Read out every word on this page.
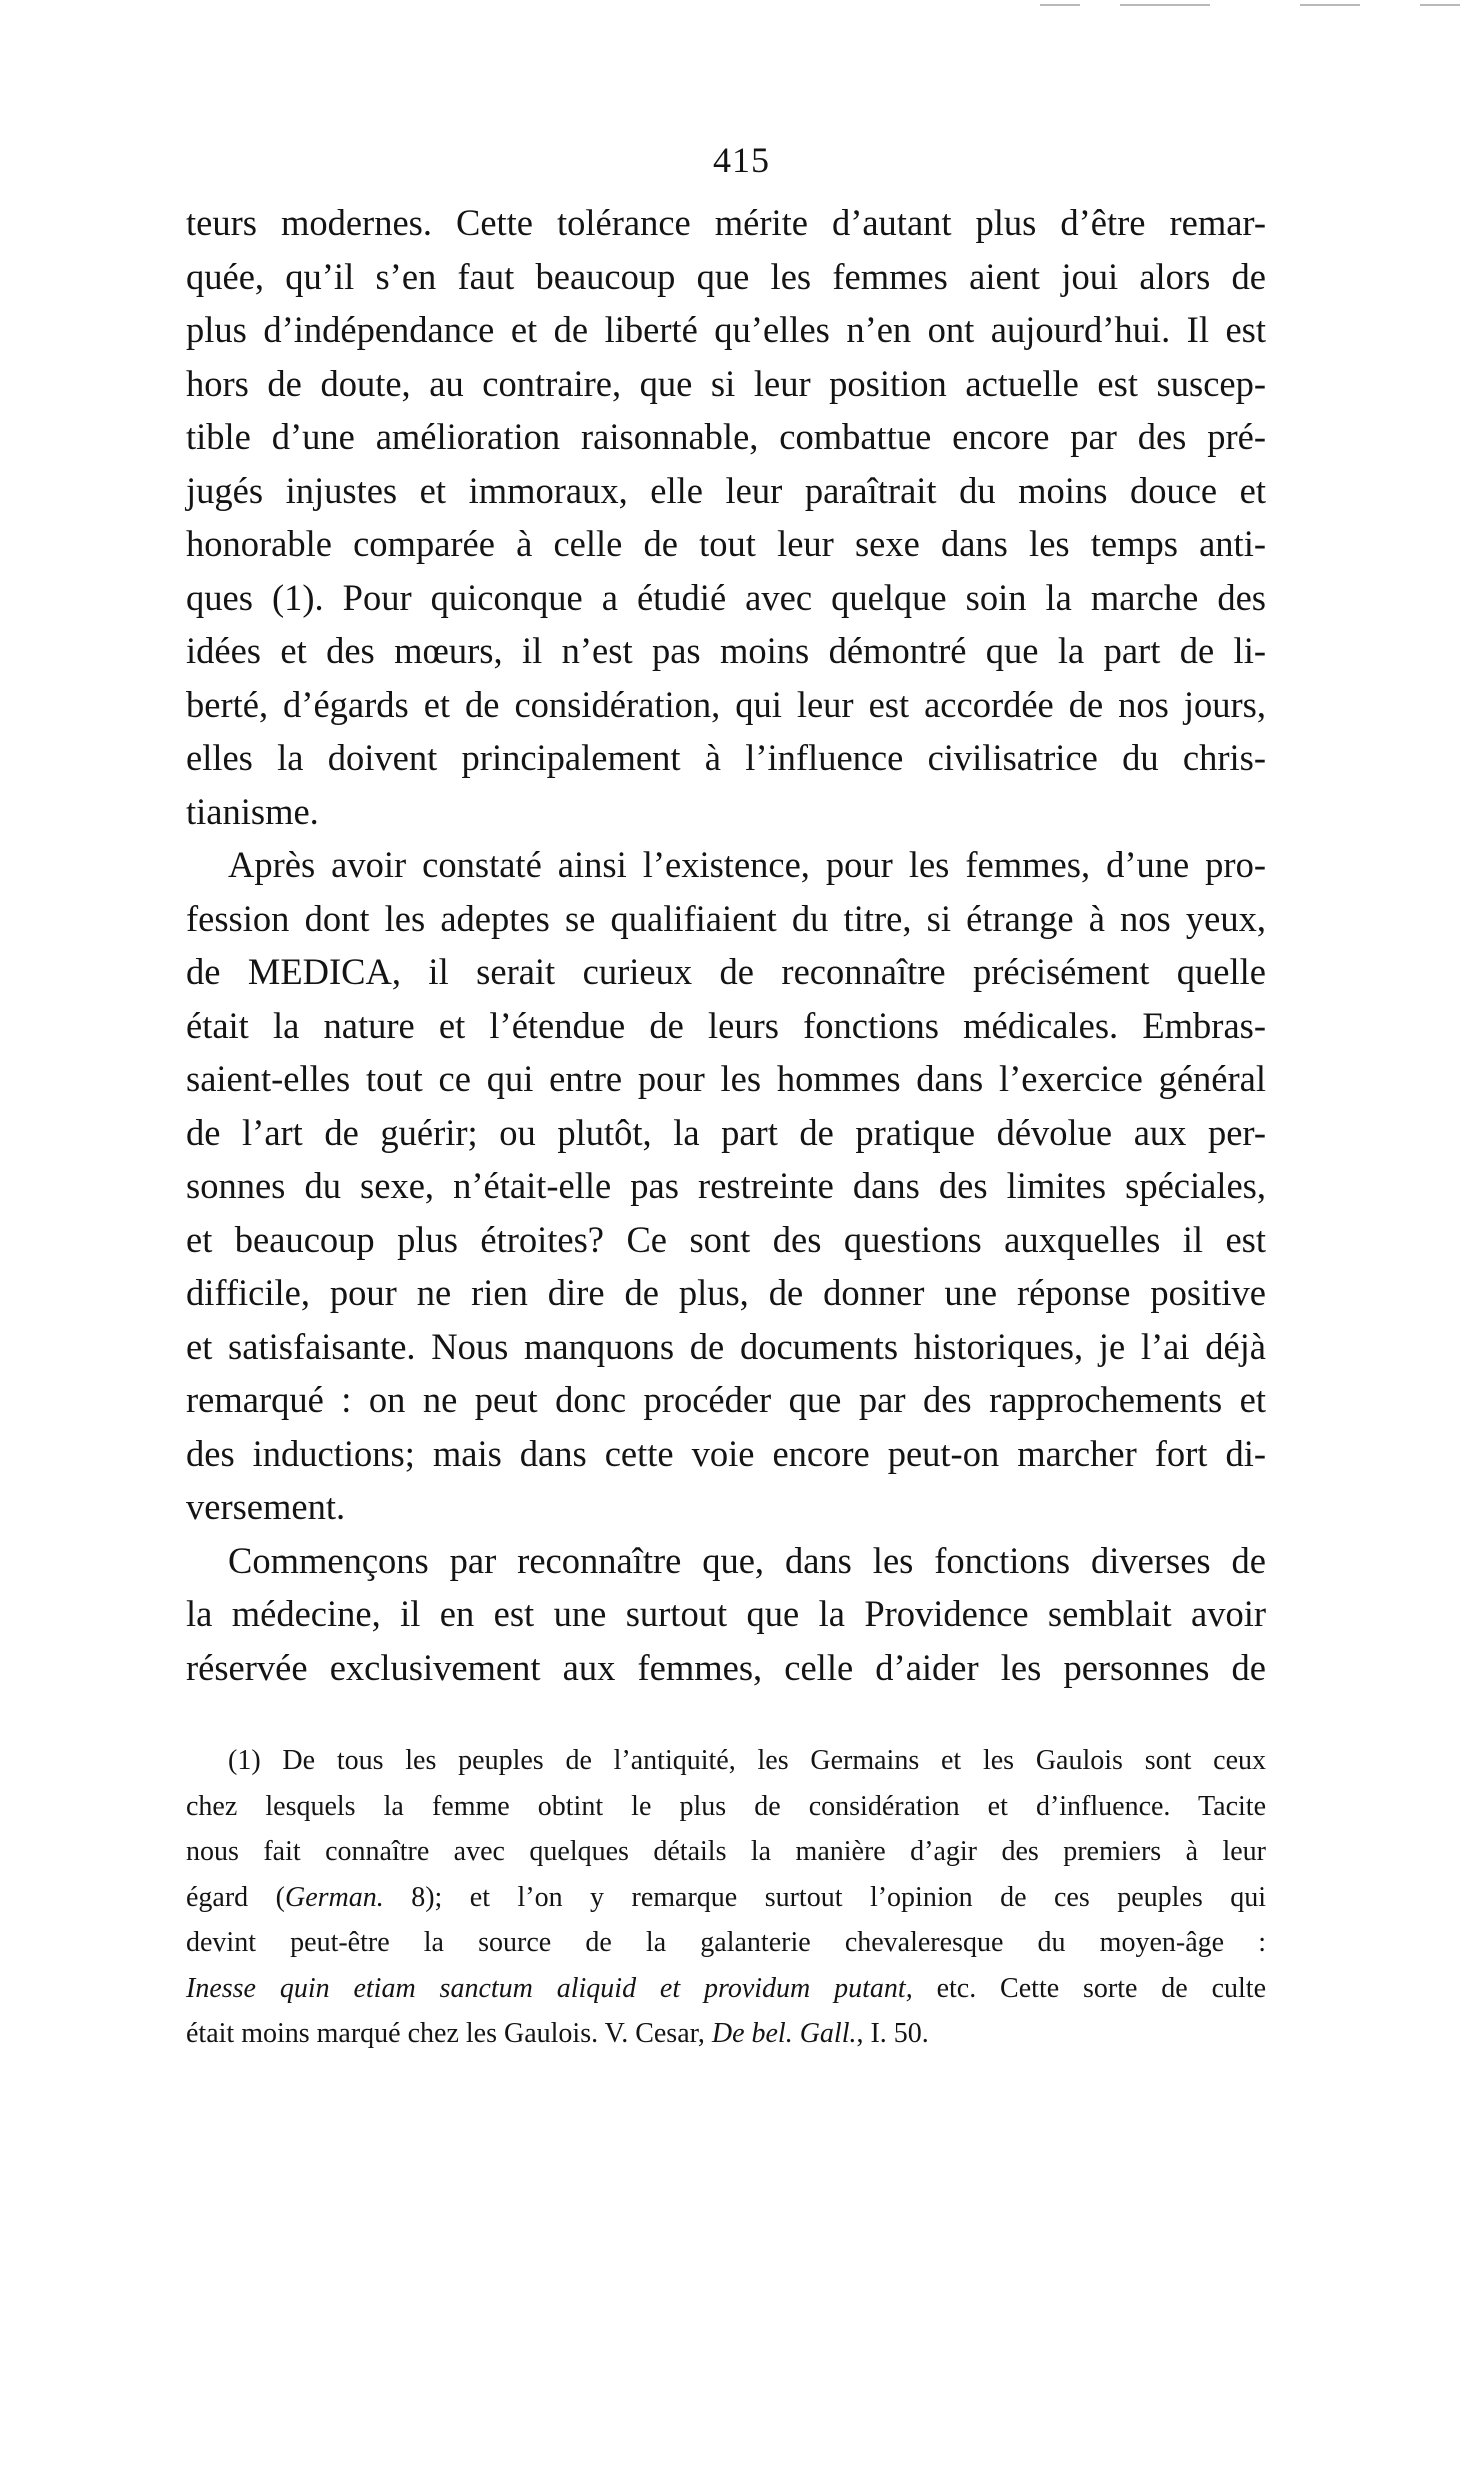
415

teurs modernes. Cette tolérance mérite d’autant plus d’être remar-
quée, qu’il s’en faut beaucoup que les femmes aient joui alors de
plus d’indépendance et de liberté qu’elles n’en ont aujourd’hui. Il est
hors de doute, au contraire, que si leur position actuelle est suscep-
tible d’une amélioration raisonnable, combattue encore par des pré-
jugés injustes et immoraux, elle leur paraîtrait du moins douce et
honorable comparée à celle de tout leur sexe dans les temps anti-
ques (1). Pour quiconque a étudié avec quelque soin la marche des
idées et des mœurs, il n’est pas moins démontré que la part de li-
berté, d’égards et de considération, qui leur est accordée de nos jours,
elles la doivent principalement à l’influence civilisatrice du chris-
tianisme.

Après avoir constaté ainsi l’existence, pour les femmes, d’une pro-
fession dont les adeptes se qualifiaient du titre, si étrange à nos yeux,
de MEDICA, il serait curieux de reconnaître précisément quelle
était la nature et l’étendue de leurs fonctions médicales. Embras-
saient-elles tout ce qui entre pour les hommes dans l’exercice général
de l’art de guérir; ou plutôt, la part de pratique dévolue aux per-
sonnes du sexe, n’était-elle pas restreinte dans des limites spéciales,
et beaucoup plus étroites? Ce sont des questions auxquelles il est
difficile, pour ne rien dire de plus, de donner une réponse positive
et satisfaisante. Nous manquons de documents historiques, je l’ai déjà
remarqué : on ne peut donc procéder que par des rapprochements et
des inductions; mais dans cette voie encore peut-on marcher fort di-
versement.

Commençons par reconnaître que, dans les fonctions diverses de
la médecine, il en est une surtout que la Providence semblait avoir
réservée exclusivement aux femmes, celle d’aider les personnes de

(1) De tous les peuples de l’antiquité, les Germains et les Gaulois sont ceux
chez lesquels la femme obtint le plus de considération et d’influence. Tacite
nous fait connaître avec quelques détails la manière d’agir des premiers à leur
égard (German. 8); et l’on y remarque surtout l’opinion de ces peuples qui
devint peut-être la source de la galanterie chevaleresque du moyen-âge :
Inesse quin etiam sanctum aliquid et providum putant, etc. Cette sorte de culte
était moins marqué chez les Gaulois. V. Cesar, De bel. Gall., I. 50.
